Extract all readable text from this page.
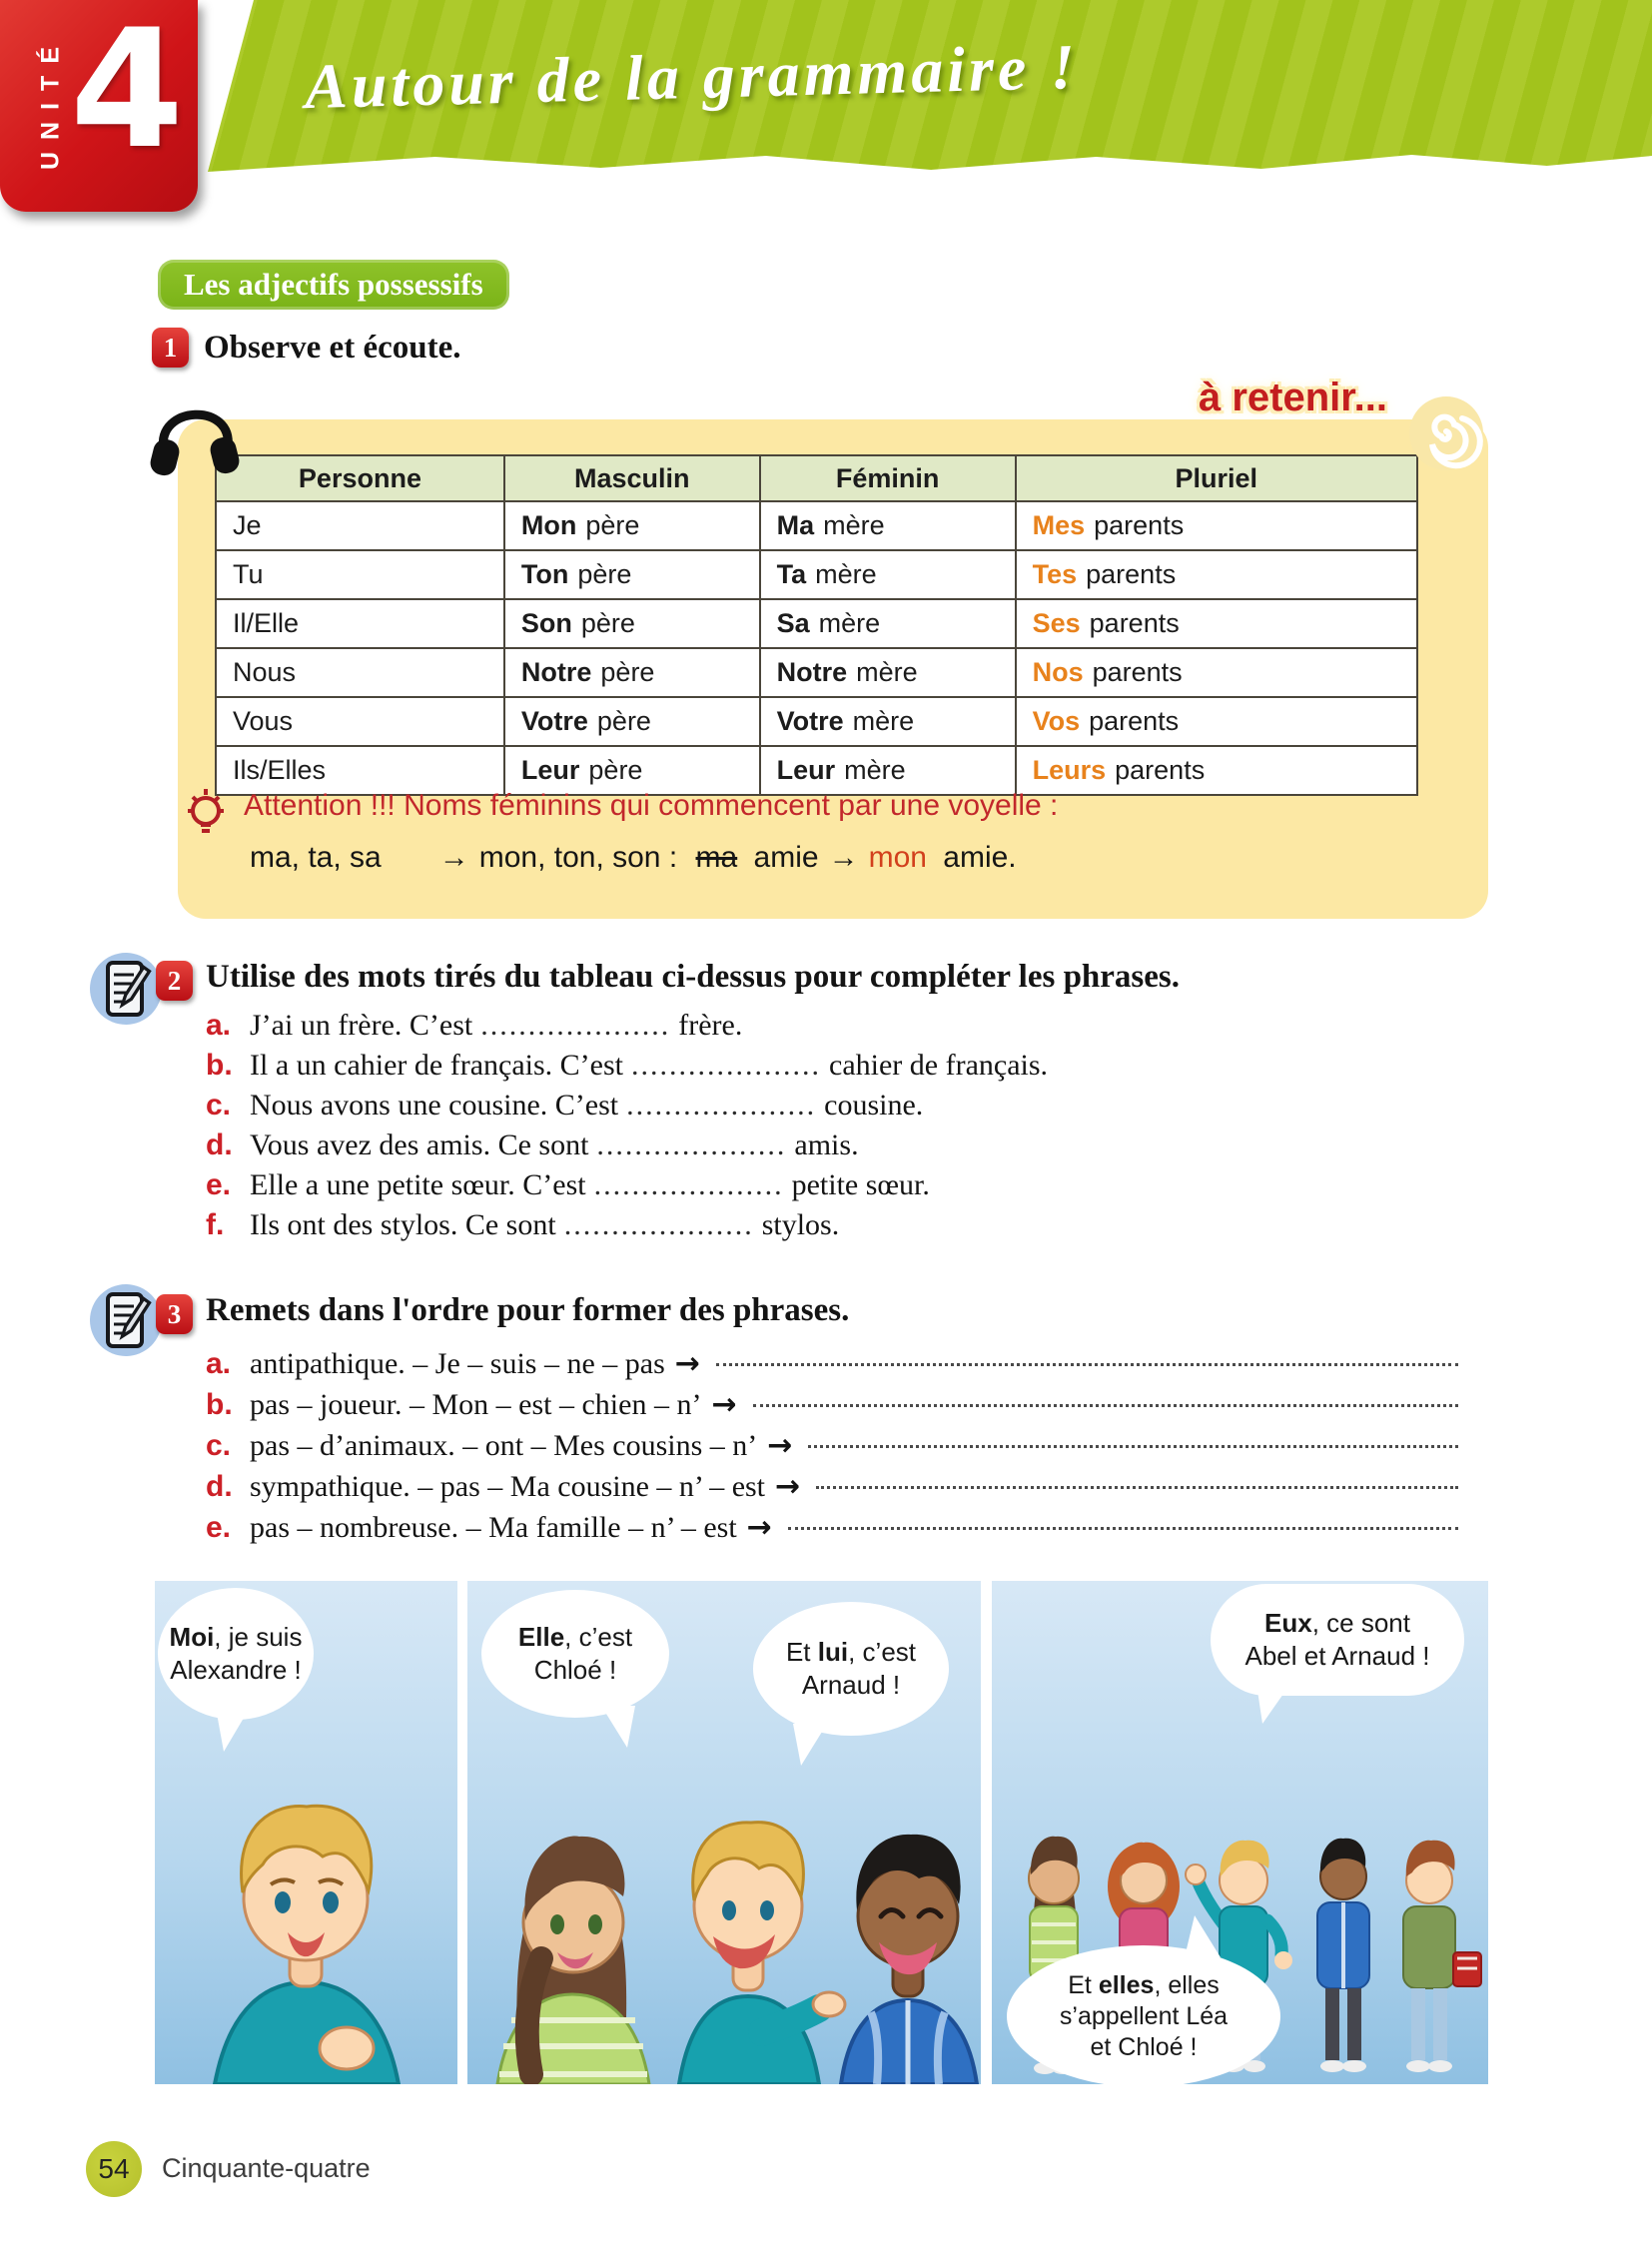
Autour de la grammaire !
UNITÉ 4
Les adjectifs possessifs
1 Observe et écoute.
à retenir...
Personne	Masculin	Féminin	Pluriel
Je	Mon père	Ma mère	Mes parents
Tu	Ton père	Ta mère	Tes parents
Il/Elle	Son père	Sa mère	Ses parents
Nous	Notre père	Notre mère	Nos parents
Vous	Votre père	Votre mère	Vos parents
Ils/Elles	Leur père	Leur mère	Leurs parents
Attention !!! Noms féminins qui commencent par une voyelle :
ma, ta, sa → mon, ton, son : ma amie → mon amie.
2 Utilise des mots tirés du tableau ci-dessus pour compléter les phrases.
a. J’ai un frère. C’est .................... frère.
b. Il a un cahier de français. C’est .................... cahier de français.
c. Nous avons une cousine. C’est .................... cousine.
d. Vous avez des amis. Ce sont .................... amis.
e. Elle a une petite sœur. C’est .................... petite sœur.
f. Ils ont des stylos. Ce sont .................... stylos.
3 Remets dans l'ordre pour former des phrases.
a. antipathique. – Je – suis – ne – pas →
b. pas – joueur. – Mon – est – chien – n’ →
c. pas – d’animaux. – ont – Mes cousins – n’ →
d. sympathique. – pas – Ma cousine – n’ – est →
e. pas – nombreuse. – Ma famille – n’ – est →
Moi, je suis
Alexandre !
Elle, c’est
Chloé !
Et lui, c’est
Arnaud !
Eux, ce sont
Abel et Arnaud !
Et elles, elles
s’appellent Léa
et Chloé !
54 Cinquante-quatre
